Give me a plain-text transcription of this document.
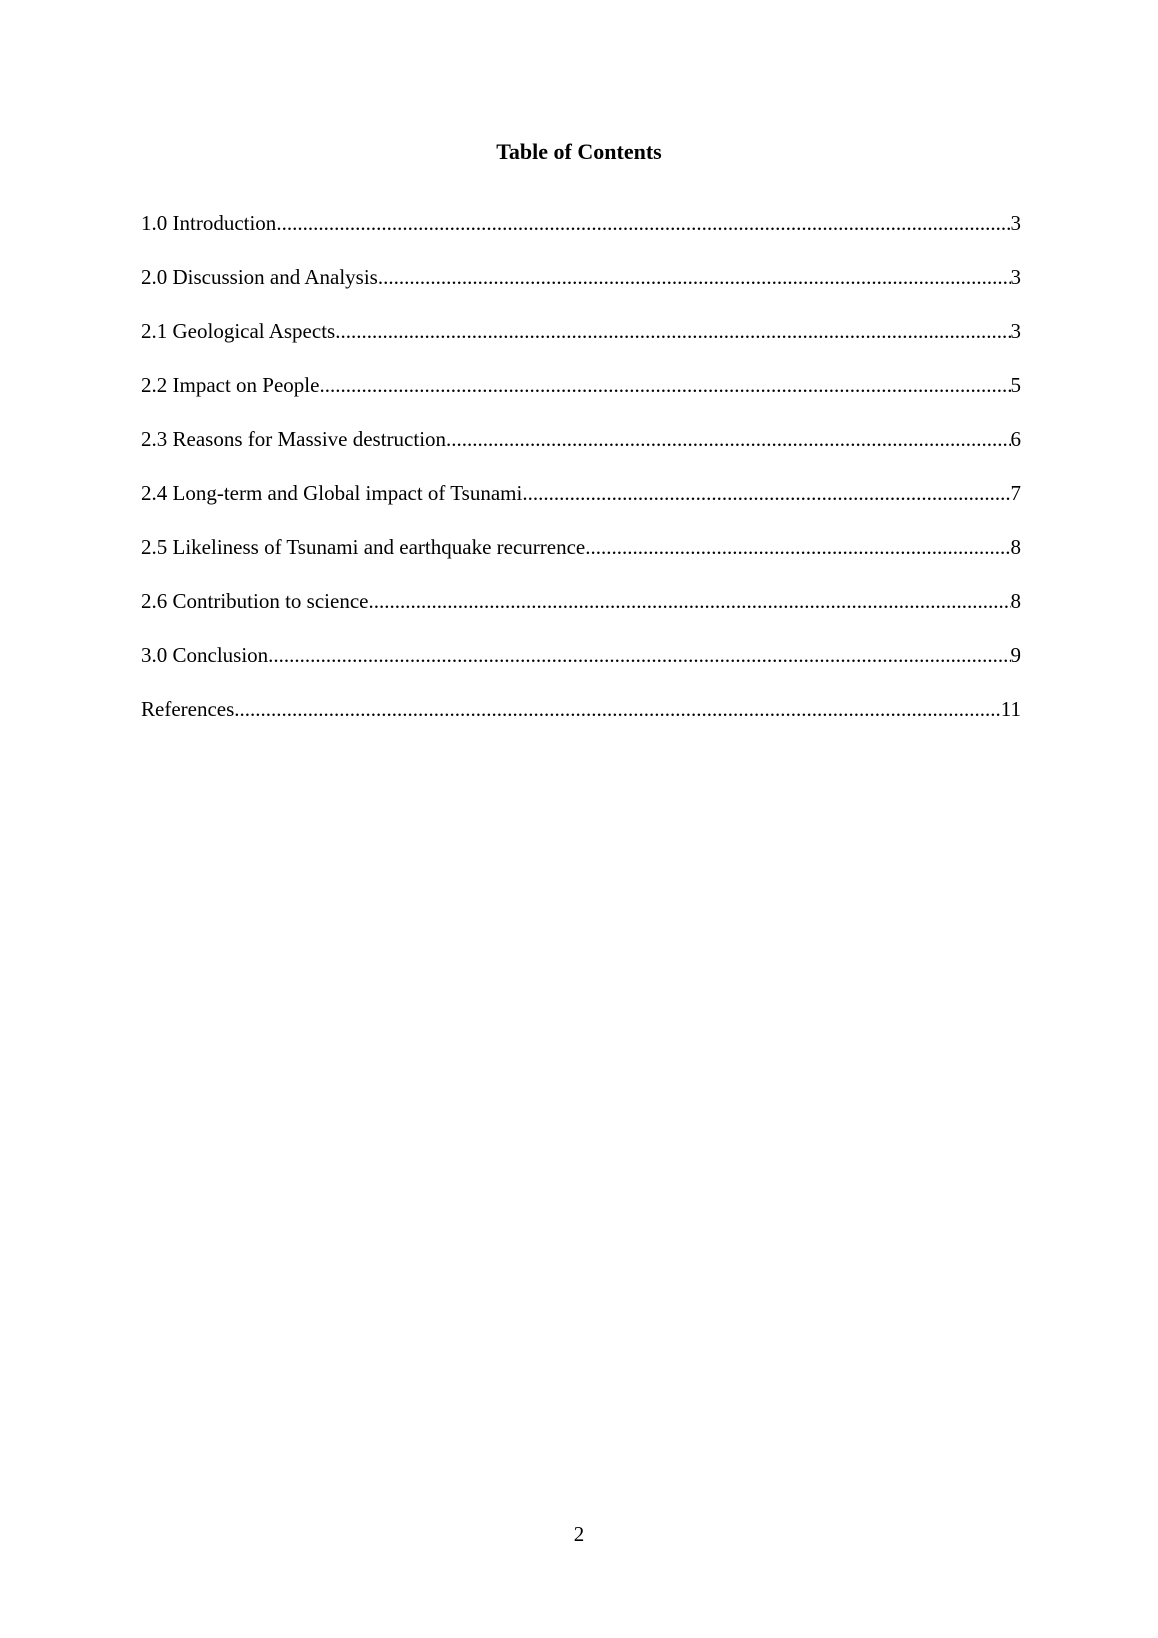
Table of Contents
1.0 Introduction .....	3
2.0 Discussion and Analysis .....	3
2.1 Geological Aspects .....	3
2.2 Impact on People .....	5
2.3 Reasons for Massive destruction .....	6
2.4 Long-term and Global impact of Tsunami .....	7
2.5 Likeliness of Tsunami and earthquake recurrence .....	8
2.6 Contribution to science .....	8
3.0 Conclusion .....	9
References .....	11
2
